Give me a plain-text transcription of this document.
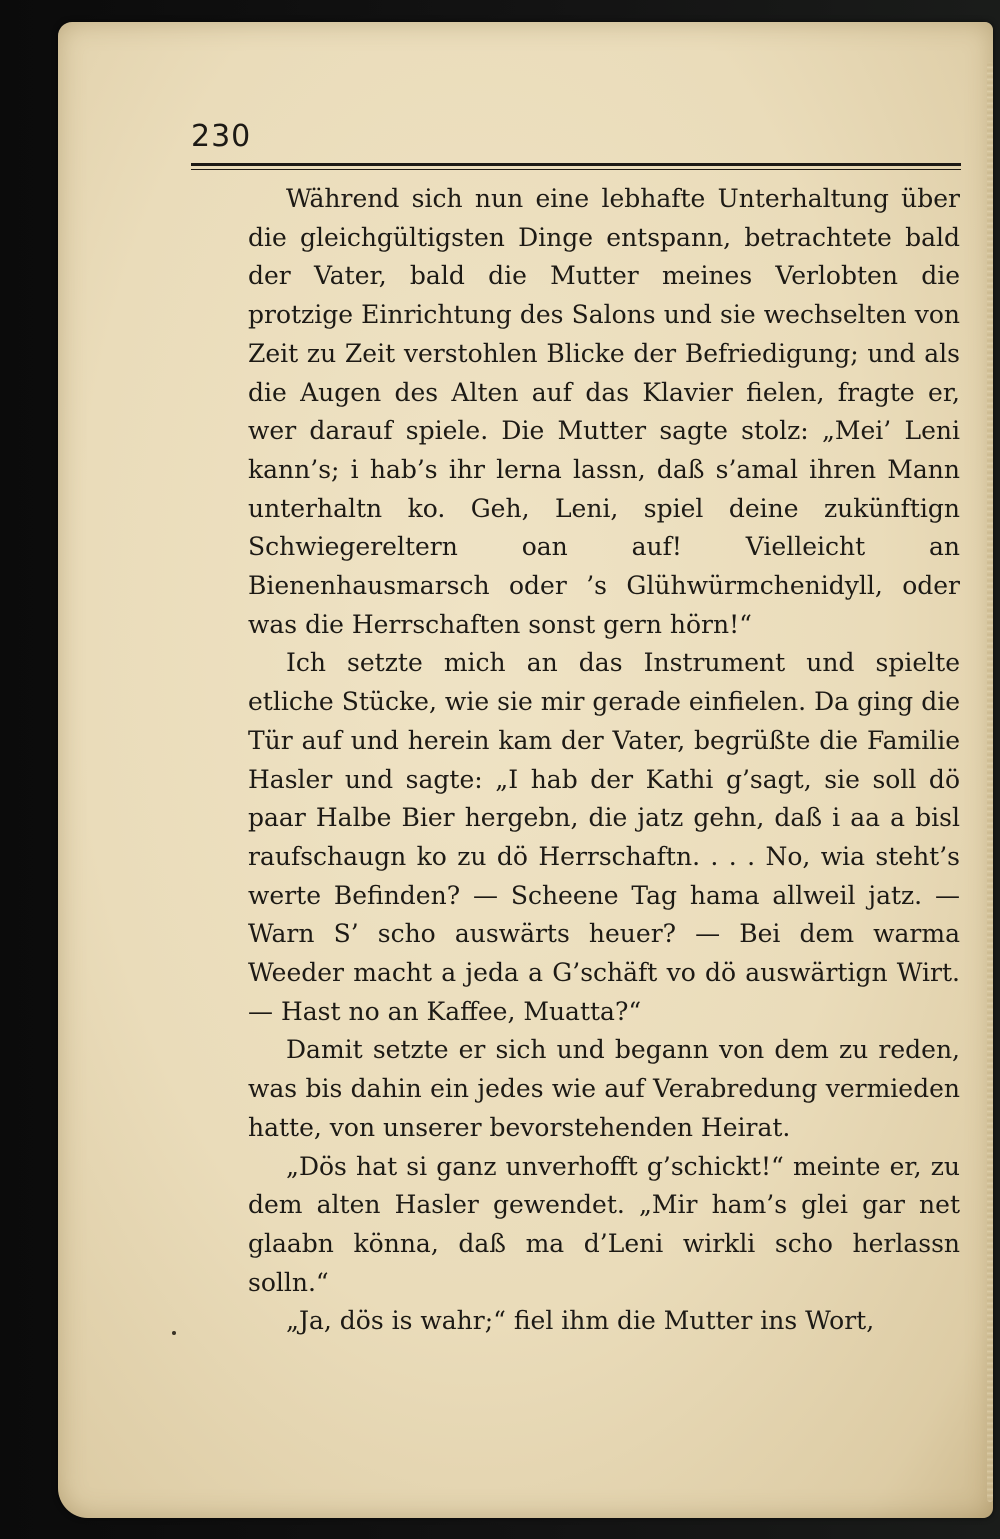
230

Während sich nun eine lebhafte Unterhaltung über die gleichgültigsten Dinge entspann, betrachtete bald der Vater, bald die Mutter meines Verlobten die protzige Einrichtung des Salons und sie wechselten von Zeit zu Zeit verstohlen Blicke der Befriedigung; und als die Augen des Alten auf das Klavier fielen, fragte er, wer darauf spiele. Die Mutter sagte stolz: „Mei’ Leni kann’s; i hab’s ihr lerna lassn, daß s’amal ihren Mann unterhaltn ko. Geh, Leni, spiel deine zukünftign Schwiegereltern oan auf! Vielleicht an Bienenhausmarsch oder ’s Glühwürmchenidyll, oder was die Herrschaften sonst gern hörn!“

Ich setzte mich an das Instrument und spielte etliche Stücke, wie sie mir gerade einfielen. Da ging die Tür auf und herein kam der Vater, begrüßte die Familie Hasler und sagte: „I hab der Kathi g’sagt, sie soll dö paar Halbe Bier hergebn, die jatz gehn, daß i aa a bisl raufschaugn ko zu dö Herrschaftn. . . . No, wia steht’s werte Befinden? — Scheene Tag hama allweil jatz. — Warn S’ scho auswärts heuer? — Bei dem warma Weeder macht a jeda a G’schäft vo dö auswärtign Wirt. — Hast no an Kaffee, Muatta?“

Damit setzte er sich und begann von dem zu reden, was bis dahin ein jedes wie auf Verabredung vermieden hatte, von unserer bevorstehenden Heirat.

„Dös hat si ganz unverhofft g’schickt!“ meinte er, zu dem alten Hasler gewendet. „Mir ham’s glei gar net glaabn könna, daß ma d’Leni wirkli scho herlassn solln.“

„Ja, dös is wahr;“ fiel ihm die Mutter ins Wort,
